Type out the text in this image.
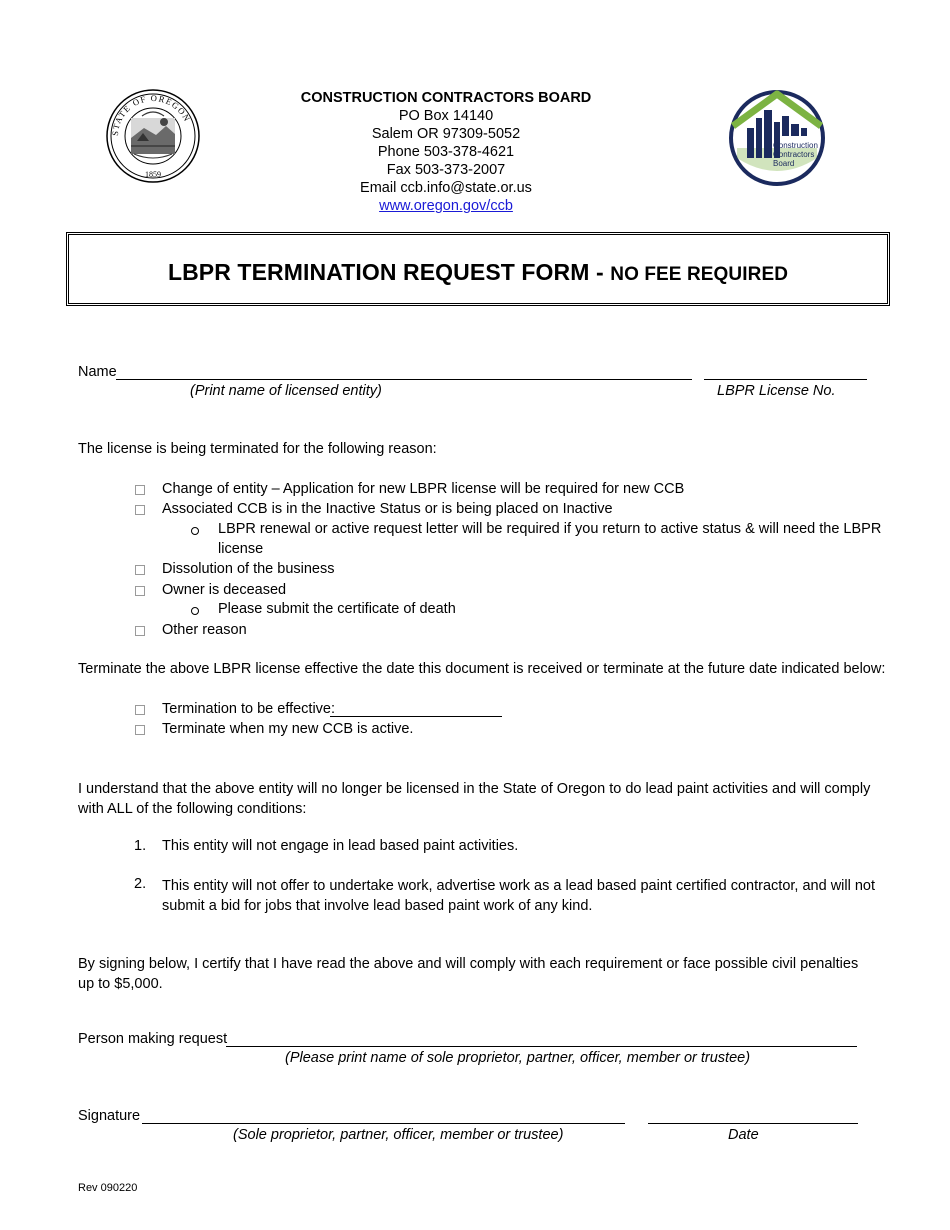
STATE OF OREGON
1859
CONSTRUCTION CONTRACTORS BOARD
PO Box 14140
Salem OR 97309-5052
Phone 503-378-4621
Fax 503-373-2007
Email ccb.info@state.or.us
www.oregon.gov/ccb
Construction
Contractors
Board
LBPR TERMINATION REQUEST FORM - NO FEE REQUIRED
Name
(Print name of licensed entity)	LBPR License No.
The license is being terminated for the following reason:
Change of entity – Application for new LBPR license will be required for new CCB
Associated CCB is in the Inactive Status or is being placed on Inactive
LBPR renewal or active request letter will be required if you return to active status & will need the LBPR
license
Dissolution of the business
Owner is deceased
Please submit the certificate of death
Other reason
Terminate the above LBPR license effective the date this document is received or terminate at the future date indicated below:
Termination to be effective:
Terminate when my new CCB is active.
I understand that the above entity will no longer be licensed in the State of Oregon to do lead paint activities and will comply with ALL of the following conditions:
1. This entity will not engage in lead based paint activities.
2. This entity will not offer to undertake work, advertise work as a lead based paint certified contractor, and will not submit a bid for jobs that involve lead based paint work of any kind.
By signing below, I certify that I have read the above and will comply with each requirement or face possible civil penalties up to $5,000.
Person making request
(Please print name of sole proprietor, partner, officer, member or trustee)
Signature
(Sole proprietor, partner, officer, member or trustee)	Date
Rev 090220
